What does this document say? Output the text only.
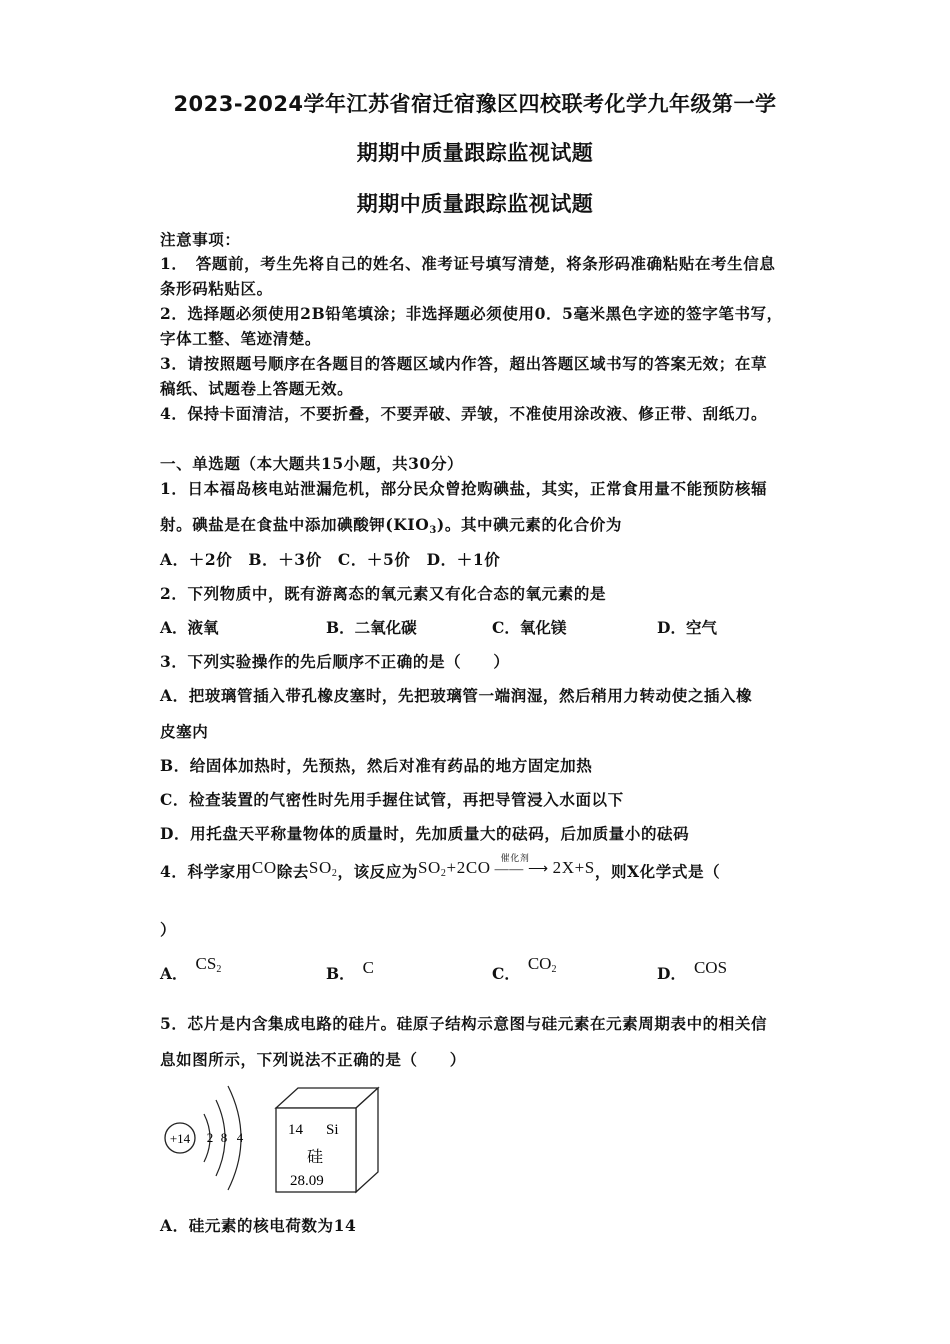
2023-2024学年江苏省宿迁宿豫区四校联考化学九年级第一学
期期中质量跟踪监视试题
期期中质量跟踪监视试题
注意事项：
1．　答题前，考生先将自己的姓名、准考证号填写清楚，将条形码准确粘贴在考生信息
条形码粘贴区。
2．选择题必须使用2B铅笔填涂；非选择题必须使用0．5毫米黑色字迹的签字笔书写，
字体工整、笔迹清楚。
3．请按照题号顺序在各题目的答题区域内作答，超出答题区域书写的答案无效；在草
稿纸、试题卷上答题无效。
4．保持卡面清洁，不要折叠，不要弄破、弄皱，不准使用涂改液、修正带、刮纸刀。
一、单选题（本大题共15小题，共30分）
1．日本福岛核电站泄漏危机，部分民众曾抢购碘盐，其实，正常食用量不能预防核辐
射。碘盐是在食盐中添加碘酸钾$(KIO_3)$。其中碘元素的化合价为
A．＋2价　B．＋3价　C．＋5价　D．＋1价
2．下列物质中，既有游离态的氧元素又有化合态的氧元素的是
A．液氧	B．二氧化碳	C．氧化镁	D．空气
3．下列实验操作的先后顺序不正确的是（　　）
A．把玻璃管插入带孔橡皮塞时，先把玻璃管一端润湿，然后稍用力转动使之插入橡
皮塞内
B．给固体加热时，先预热，然后对准有药品的地方固定加热
C．检查装置的气密性时先用手握住试管，再把导管浸入水面以下
D．用托盘天平称量物体的质量时，先加质量大的砝码，后加质量小的砝码
4．科学家用CO除去$SO_2$，该反应为$SO_2+2CO$ 催化剂
—— ⟶ 2X+S，则X化学式是（
）
A．$CS_2$	B． C	C．$CO_2$	D． COS
5．芯片是内含集成电路的硅片。硅原子结构示意图与硅元素在元素周期表中的相关信
息如图所示，下列说法不正确的是（　　）
+14 2 8 4	14 Si
硅
28.09
A．硅元素的核电荷数为14
